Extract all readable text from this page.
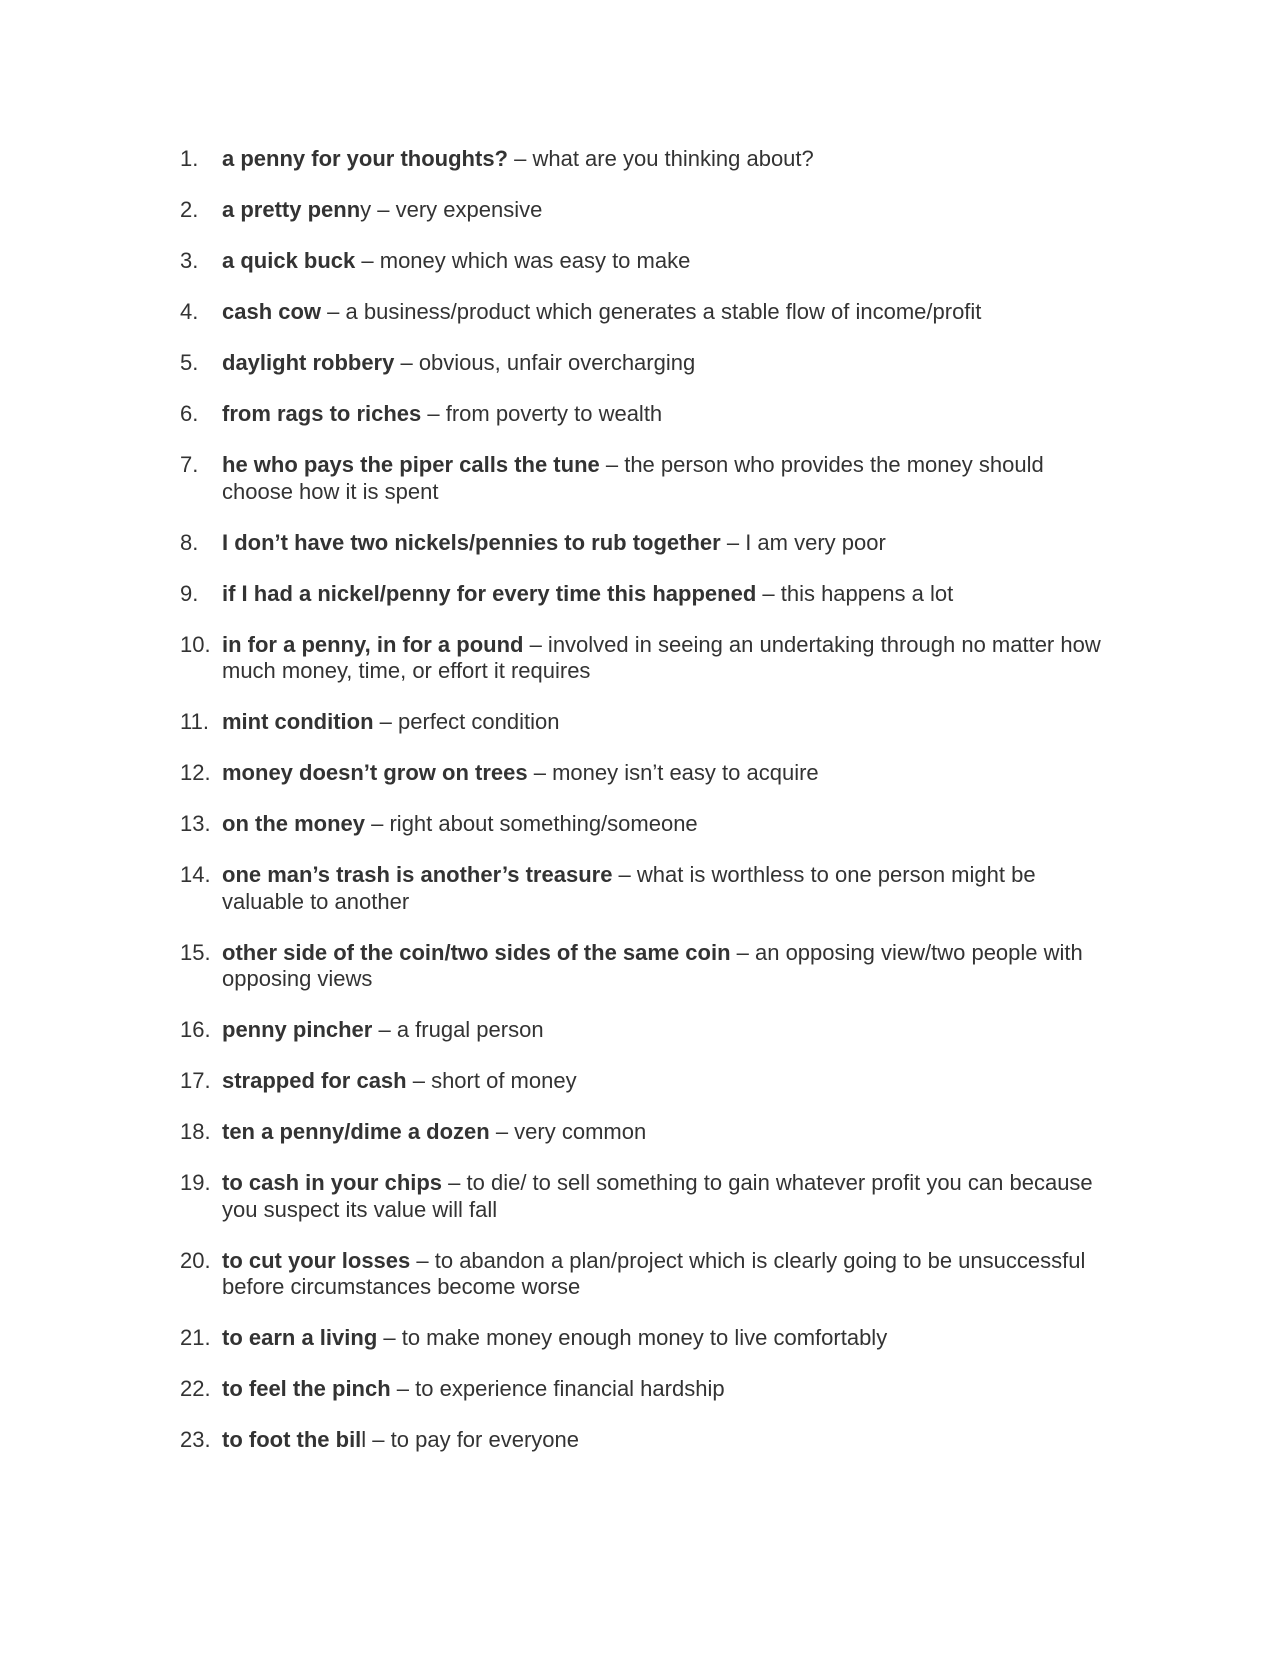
1.	a penny for your thoughts? – what are you thinking about?
2.	a pretty penny – very expensive
3.	a quick buck – money which was easy to make
4.	cash cow – a business/product which generates a stable flow of income/profit
5.	daylight robbery – obvious, unfair overcharging
6.	from rags to riches – from poverty to wealth
7.	he who pays the piper calls the tune – the person who provides the money should choose how it is spent
8.	I don’t have two nickels/pennies to rub together – I am very poor
9.	if I had a nickel/penny for every time this happened – this happens a lot
10. in for a penny, in for a pound – involved in seeing an undertaking through no matter how much money, time, or effort it requires
11. mint condition – perfect condition
12. money doesn’t grow on trees – money isn’t easy to acquire
13. on the money – right about something/someone
14. one man’s trash is another’s treasure – what is worthless to one person might be valuable to another
15. other side of the coin/two sides of the same coin – an opposing view/two people with opposing views
16. penny pincher – a frugal person
17. strapped for cash – short of money
18. ten a penny/dime a dozen – very common
19. to cash in your chips – to die/ to sell something to gain whatever profit you can because you suspect its value will fall
20. to cut your losses – to abandon a plan/project which is clearly going to be unsuccessful before circumstances become worse
21. to earn a living – to make money enough money to live comfortably
22. to feel the pinch – to experience financial hardship
23. to foot the bill – to pay for everyone
